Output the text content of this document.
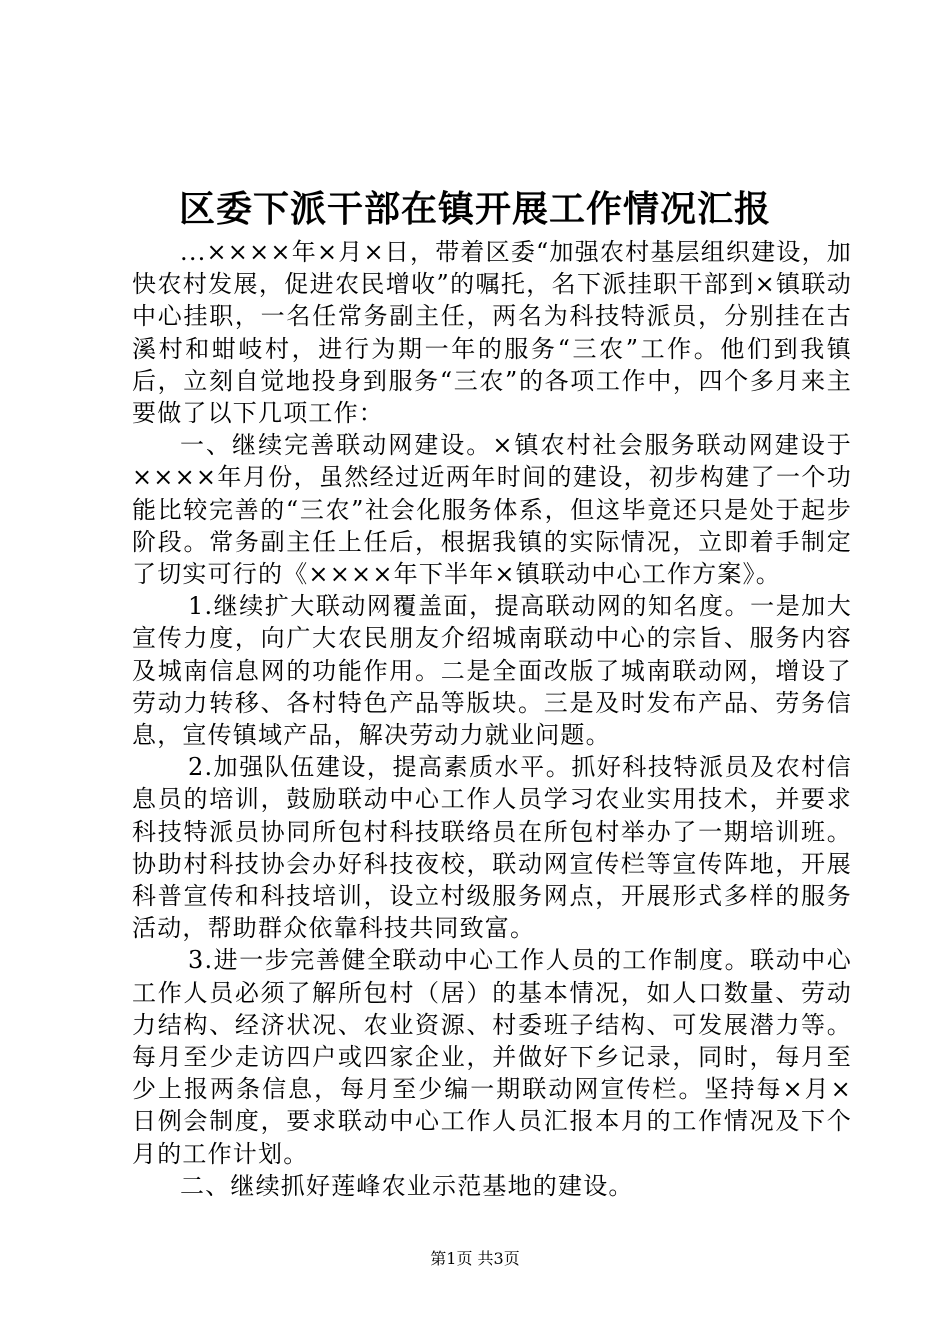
区委下派干部在镇开展工作情况汇报

...××××年×月×日，带着区委“加强农村基层组织建设，加快农村发展，促进农民增收”的嘱托，名下派挂职干部到×镇联动中心挂职，一名任常务副主任，两名为科技特派员，分别挂在古溪村和蚶岐村，进行为期一年的服务“三农”工作。他们到我镇后，立刻自觉地投身到服务“三农”的各项工作中，四个多月来主要做了以下几项工作：

一、继续完善联动网建设。×镇农村社会服务联动网建设于××××年月份，虽然经过近两年时间的建设，初步构建了一个功能比较完善的“三农”社会化服务体系，但这毕竟还只是处于起步阶段。常务副主任上任后，根据我镇的实际情况，立即着手制定了切实可行的《××××年下半年×镇联动中心工作方案》。

1.继续扩大联动网覆盖面，提高联动网的知名度。一是加大宣传力度，向广大农民朋友介绍城南联动中心的宗旨、服务内容及城南信息网的功能作用。二是全面改版了城南联动网，增设了劳动力转移、各村特色产品等版块。三是及时发布产品、劳务信息，宣传镇域产品，解决劳动力就业问题。

2.加强队伍建设，提高素质水平。抓好科技特派员及农村信息员的培训，鼓励联动中心工作人员学习农业实用技术，并要求科技特派员协同所包村科技联络员在所包村举办了一期培训班。协助村科技协会办好科技夜校，联动网宣传栏等宣传阵地，开展科普宣传和科技培训，设立村级服务网点，开展形式多样的服务活动，帮助群众依靠科技共同致富。

3.进一步完善健全联动中心工作人员的工作制度。联动中心工作人员必须了解所包村（居）的基本情况，如人口数量、劳动力结构、经济状况、农业资源、村委班子结构、可发展潜力等。每月至少走访四户或四家企业，并做好下乡记录，同时，每月至少上报两条信息，每月至少编一期联动网宣传栏。坚持每×月×日例会制度，要求联动中心工作人员汇报本月的工作情况及下个月的工作计划。

二、继续抓好莲峰农业示范基地的建设。

第1页 共3页
